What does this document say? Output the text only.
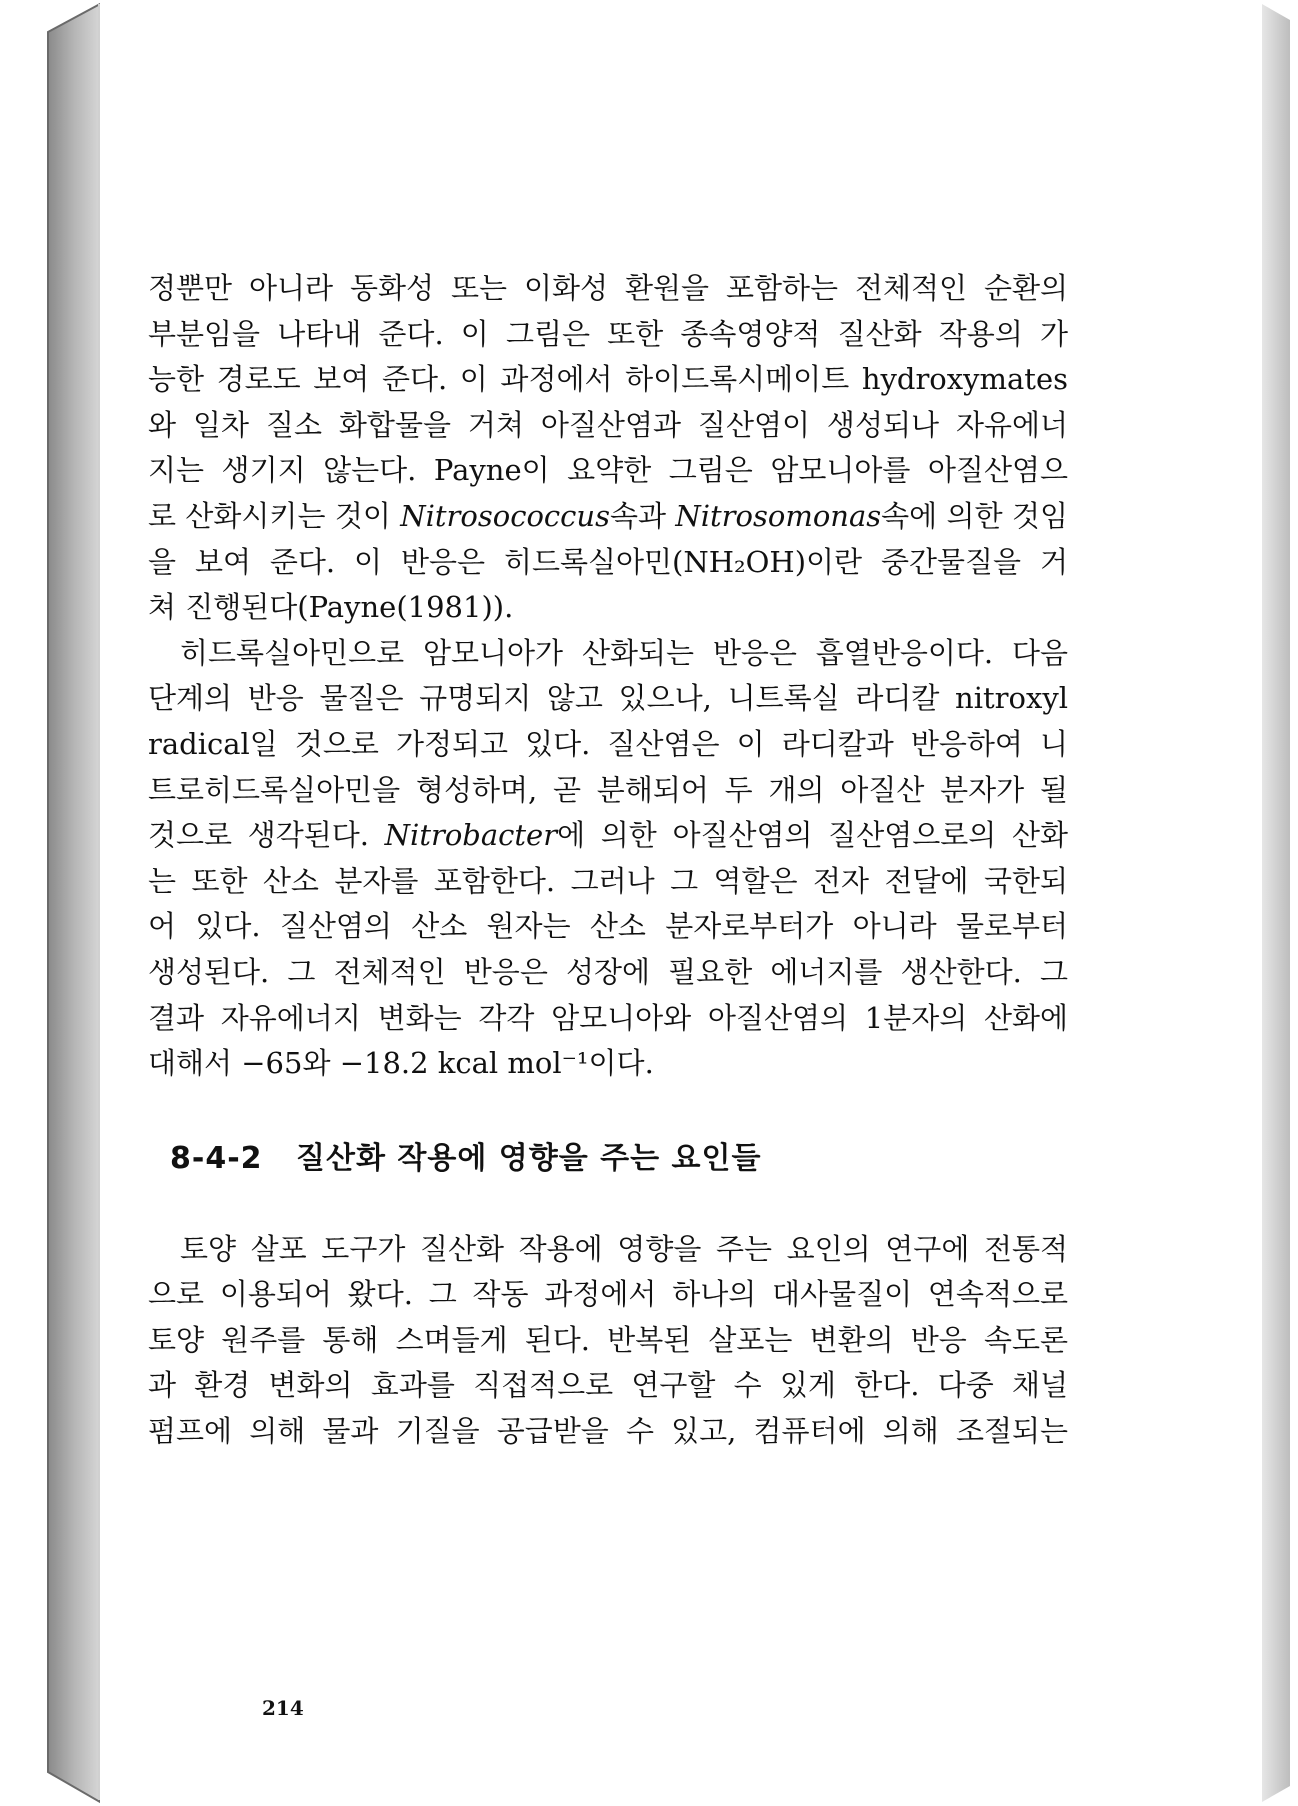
정뿐만 아니라 동화성 또는 이화성 환원을 포함하는 전체적인 순환의
부분임을 나타내 준다. 이 그림은 또한 종속영양적 질산화 작용의 가
능한 경로도 보여 준다. 이 과정에서 하이드록시메이트 hydroxymates
와 일차 질소 화합물을 거쳐 아질산염과 질산염이 생성되나 자유에너
지는 생기지 않는다. Payne이 요약한 그림은 암모니아를 아질산염으
로 산화시키는 것이 Nitrosococcus속과 Nitrosomonas속에 의한 것임
을 보여 준다. 이 반응은 히드록실아민(NH₂OH)이란 중간물질을 거
쳐 진행된다(Payne(1981)).
히드록실아민으로 암모니아가 산화되는 반응은 흡열반응이다. 다음
단계의 반응 물질은 규명되지 않고 있으나, 니트록실 라디칼 nitroxyl
radical일 것으로 가정되고 있다. 질산염은 이 라디칼과 반응하여 니
트로히드록실아민을 형성하며, 곧 분해되어 두 개의 아질산 분자가 될
것으로 생각된다. Nitrobacter에 의한 아질산염의 질산염으로의 산화
는 또한 산소 분자를 포함한다. 그러나 그 역할은 전자 전달에 국한되
어 있다. 질산염의 산소 원자는 산소 분자로부터가 아니라 물로부터
생성된다. 그 전체적인 반응은 성장에 필요한 에너지를 생산한다. 그
결과 자유에너지 변화는 각각 암모니아와 아질산염의 1분자의 산화에
대해서 −65와 −18.2 kcal mol⁻¹이다.
8-4-2 질산화 작용에 영향을 주는 요인들
토양 살포 도구가 질산화 작용에 영향을 주는 요인의 연구에 전통적
으로 이용되어 왔다. 그 작동 과정에서 하나의 대사물질이 연속적으로
토양 원주를 통해 스며들게 된다. 반복된 살포는 변환의 반응 속도론
과 환경 변화의 효과를 직접적으로 연구할 수 있게 한다. 다중 채널
펌프에 의해 물과 기질을 공급받을 수 있고, 컴퓨터에 의해 조절되는
214
